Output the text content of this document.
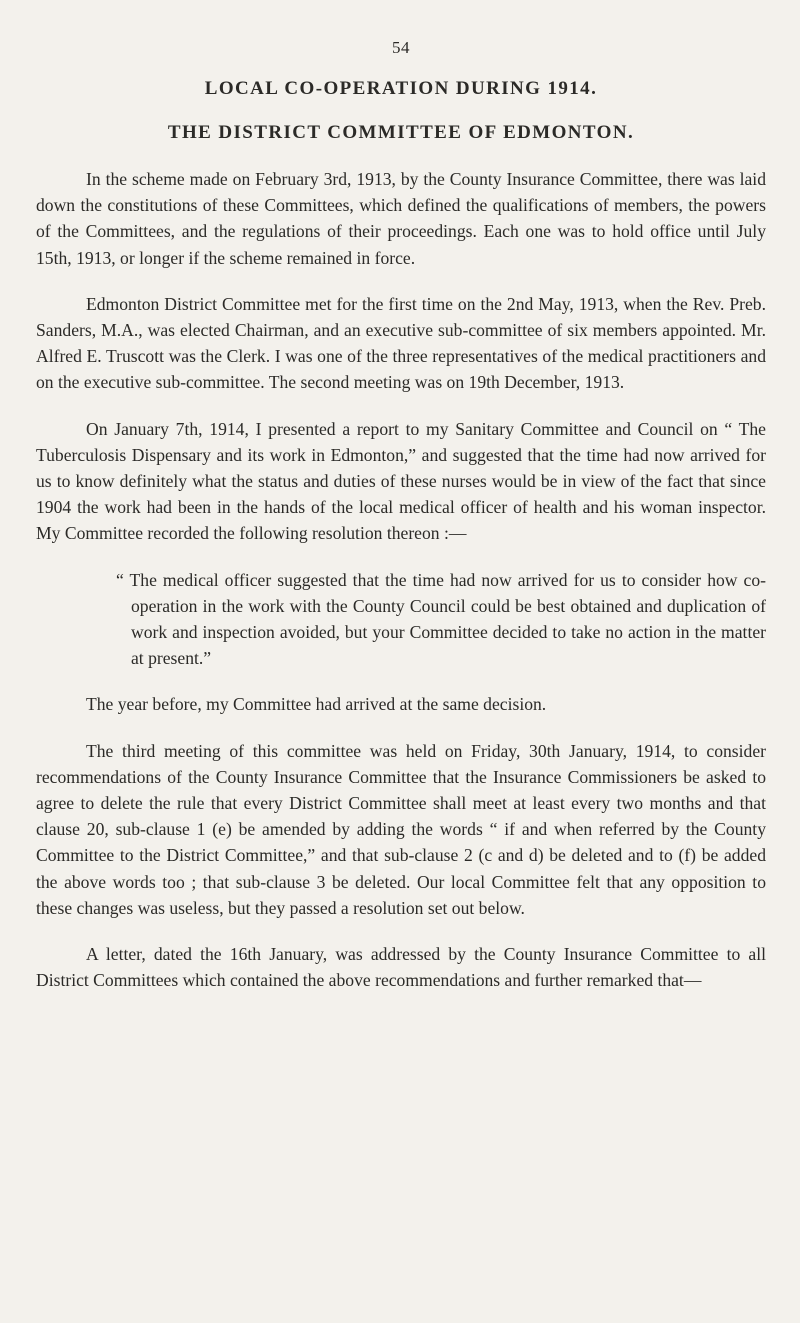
54
LOCAL CO-OPERATION DURING 1914.
THE DISTRICT COMMITTEE OF EDMONTON.

In the scheme made on February 3rd, 1913, by the County Insurance Committee, there was laid down the constitutions of these Committees, which defined the qualifications of members, the powers of the Committees, and the regulations of their proceedings. Each one was to hold office until July 15th, 1913, or longer if the scheme remained in force.

Edmonton District Committee met for the first time on the 2nd May, 1913, when the Rev. Preb. Sanders, M.A., was elected Chairman, and an executive sub-committee of six members appointed. Mr. Alfred E. Truscott was the Clerk. I was one of the three representatives of the medical practitioners and on the executive sub-committee. The second meeting was on 19th December, 1913.

On January 7th, 1914, I presented a report to my Sanitary Committee and Council on “ The Tuberculosis Dispensary and its work in Edmonton,” and suggested that the time had now arrived for us to know definitely what the status and duties of these nurses would be in view of the fact that since 1904 the work had been in the hands of the local medical officer of health and his woman inspector. My Committee recorded the following resolution thereon :—

“ The medical officer suggested that the time had now arrived for us to consider how co-operation in the work with the County Council could be best obtained and duplication of work and inspection avoided, but your Committee decided to take no action in the matter at present.”

The year before, my Committee had arrived at the same decision.

The third meeting of this committee was held on Friday, 30th January, 1914, to consider recommendations of the County Insurance Committee that the Insurance Commissioners be asked to agree to delete the rule that every District Committee shall meet at least every two months and that clause 20, sub-clause 1 (e) be amended by adding the words “ if and when referred by the County Committee to the District Committee,” and that sub-clause 2 (c and d) be deleted and to (f) be added the above words too ; that sub-clause 3 be deleted. Our local Committee felt that any opposition to these changes was useless, but they passed a resolution set out below.

A letter, dated the 16th January, was addressed by the County Insurance Committee to all District Committees which contained the above recommendations and further remarked that—
